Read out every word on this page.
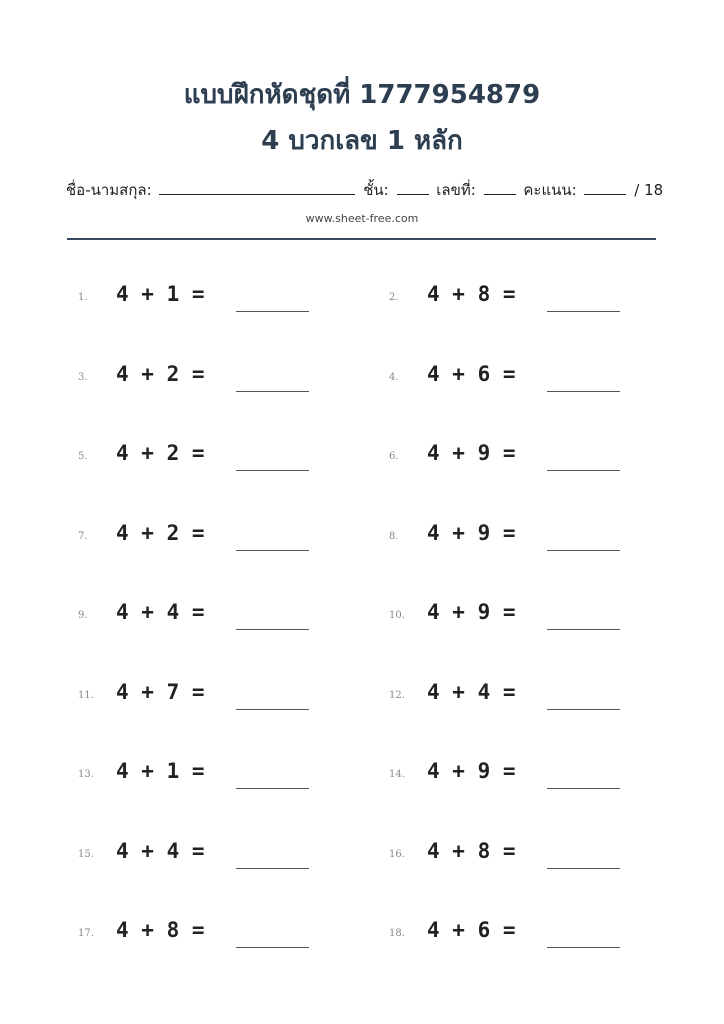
แบบฝึกหัดชุดที่ 1777954879
4 บวกเลข 1 หลัก
ชื่อ-นามสกุล:	ชั้น:	เลขที่:	คะแนน:	/ 18
www.sheet-free.com
1. 4 + 1 =	2. 4 + 8 =
3. 4 + 2 =	4. 4 + 6 =
5. 4 + 2 =	6. 4 + 9 =
7. 4 + 2 =	8. 4 + 9 =
9. 4 + 4 =	10. 4 + 9 =
11. 4 + 7 =	12. 4 + 4 =
13. 4 + 1 =	14. 4 + 9 =
15. 4 + 4 =	16. 4 + 8 =
17. 4 + 8 =	18. 4 + 6 =
